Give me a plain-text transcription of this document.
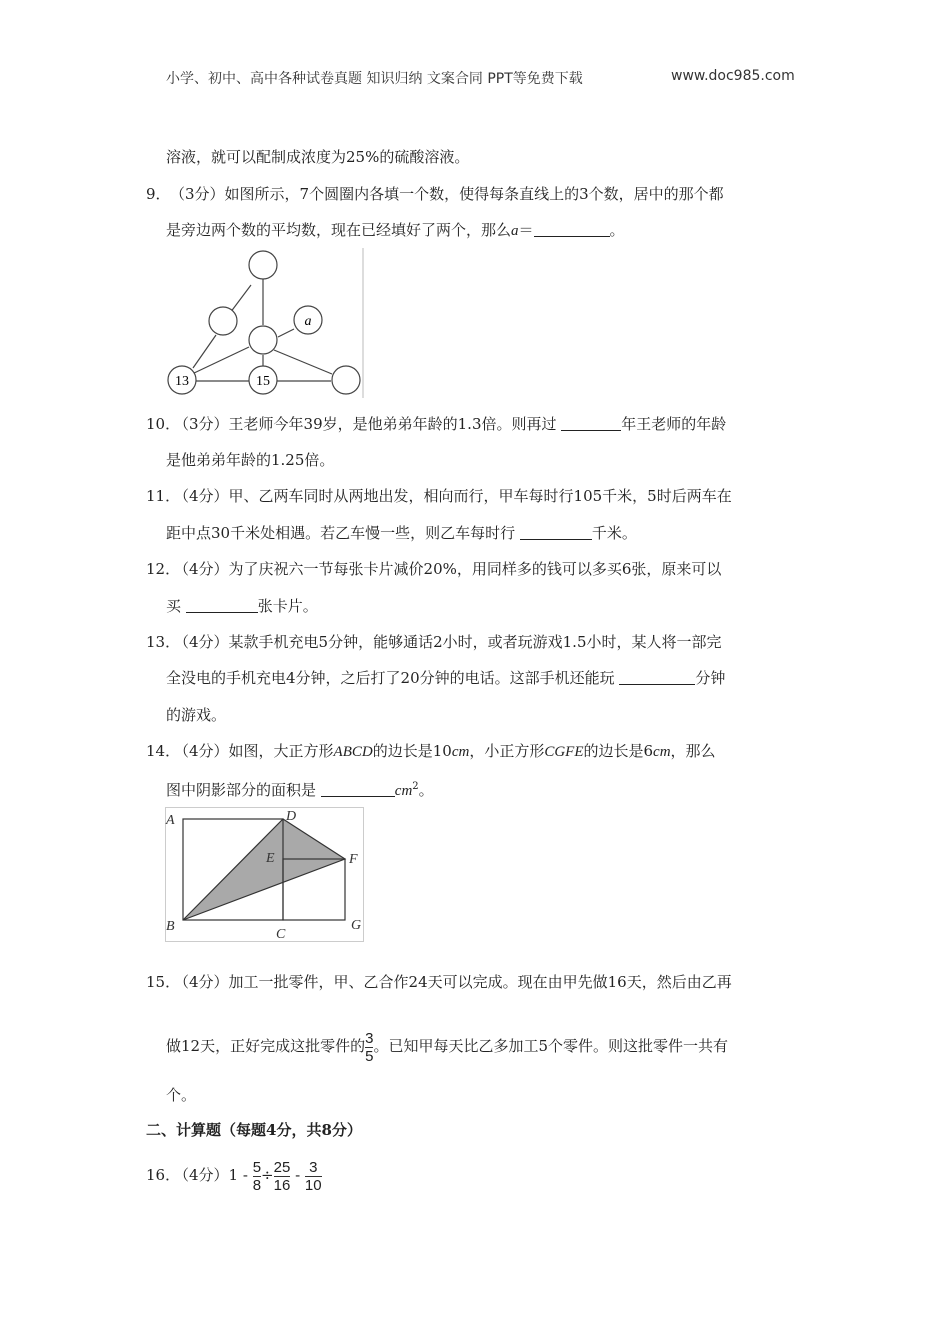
小学、初中、高中各种试卷真题 知识归纳 文案合同 PPT等免费下载	www.doc985.com
溶液，就可以配制成浓度为25%的硫酸溶液。
9． （3分）如图所示，7个圆圈内各填一个数，使得每条直线上的3个数，居中的那个都
是旁边两个数的平均数，现在已经填好了两个，那么a＝	。
a
13	15
10．
（3分）王老师今年39岁，是他弟弟年龄的1.3倍。则再过	年王老师的年龄
是他弟弟年龄的1.25倍。
11．
（4分）甲、乙两车同时从两地出发，相向而行，甲车每时行105千米，5时后两车在
距中点30千米处相遇。若乙车慢一些，则乙车每时行	千米。
12．
（4分）为了庆祝六一节每张卡片减价20%，用同样多的钱可以多买6张，原来可以
买	张卡片。
13．
（4分）某款手机充电5分钟，能够通话2小时，或者玩游戏1.5小时，某人将一部完
全没电的手机充电4分钟，之后打了20分钟的电话。这部手机还能玩	分钟
的游戏。
14．
（4分）如图，大正方形ABCD的边长是10cm，小正方形CGFE的边长是6cm，那么
图中阴影部分的面积是	$cm^2$。
A	D
E	F
B
C
G
15．
（4分）加工一批零件，甲、乙合作24天可以完成。现在由甲先做16天，然后由乙再
做12天，正好完成这批零件的 $\frac{3}{5}$ 。已知甲每天比乙多加工5个零件。则这批零件一共有
个。
二、计算题（每题4分，共8分）
16．
（4分）$1 - \frac{5}{8} \div \frac{25}{16} - \frac{3}{10}$
